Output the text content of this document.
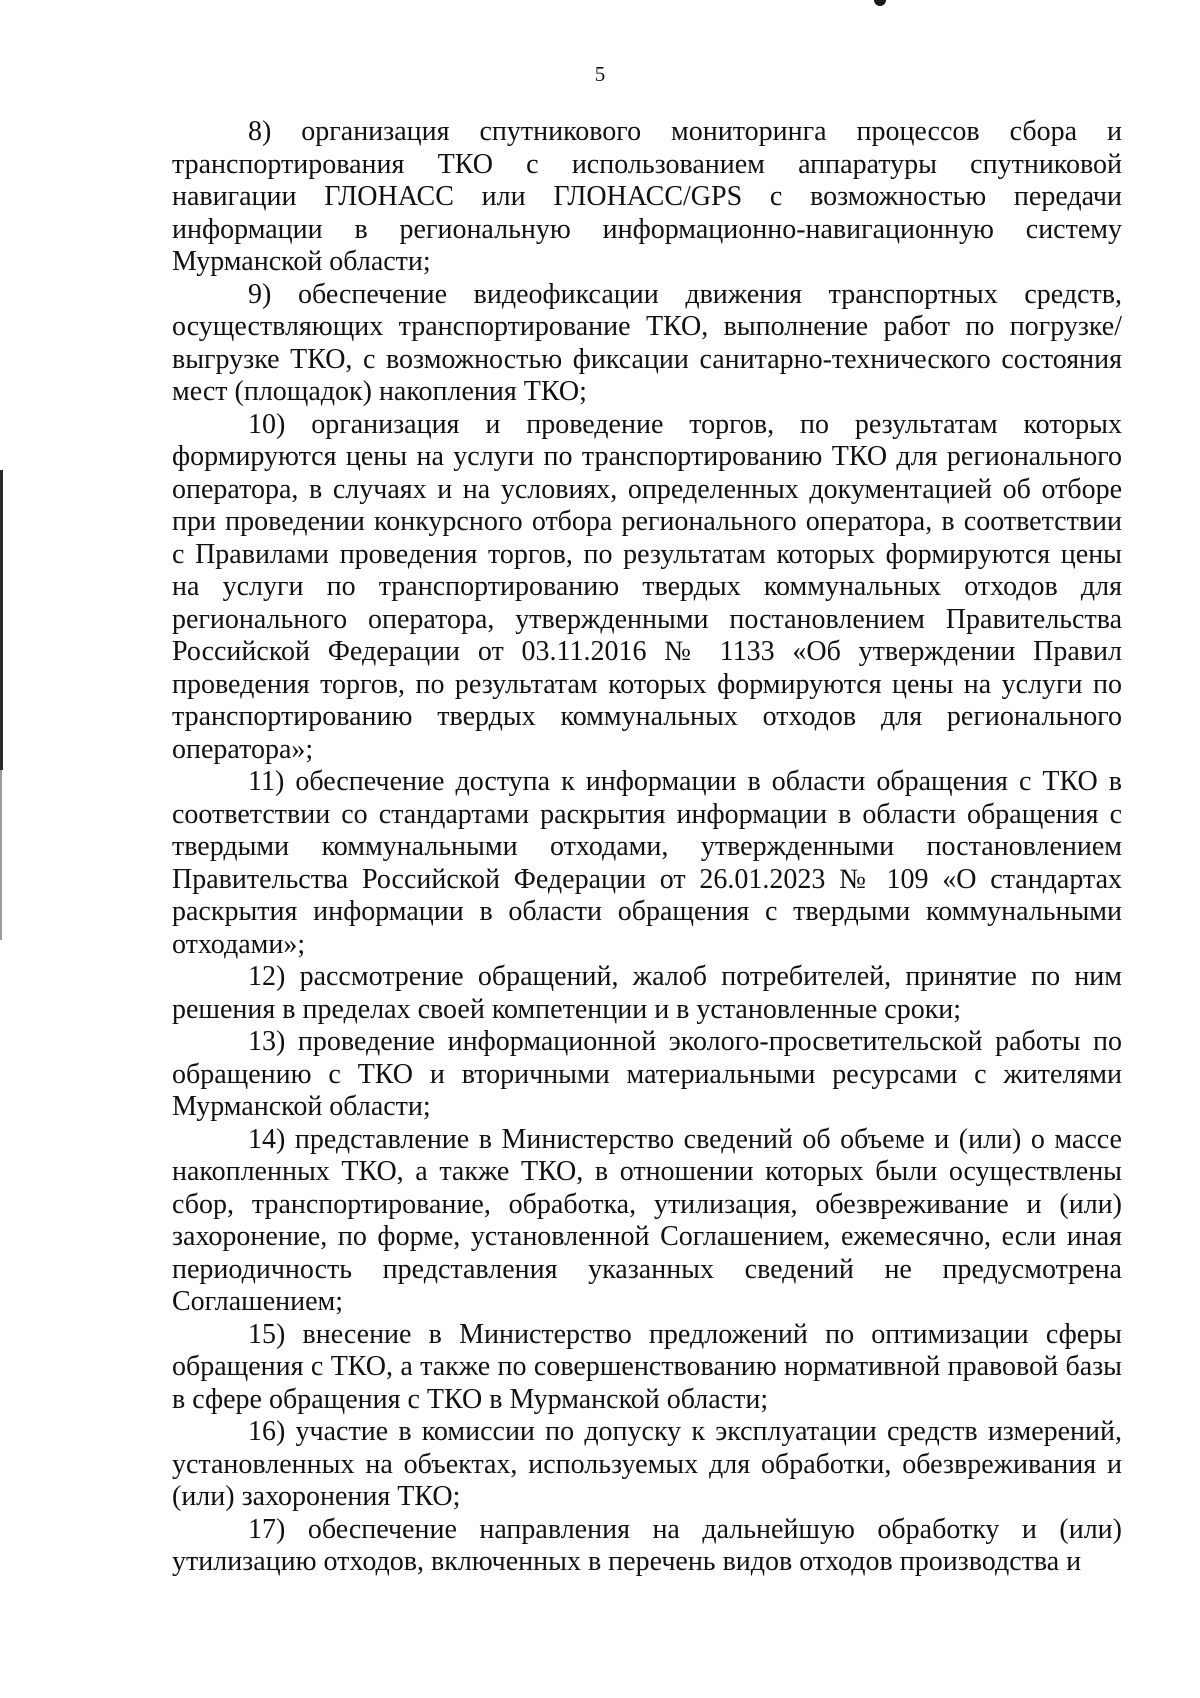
5

8) организация спутникового мониторинга процессов сбора и транспортирования ТКО с использованием аппаратуры спутниковой навигации ГЛОНАСС или ГЛОНАСС/GPS с возможностью передачи информации в региональную информационно-навигационную систему Мурманской области;

9) обеспечение видеофиксации движения транспортных средств, осуществляющих транспортирование ТКО, выполнение работ по погрузке/выгрузке ТКО, с возможностью фиксации санитарно-технического состояния мест (площадок) накопления ТКО;

10) организация и проведение торгов, по результатам которых формируются цены на услуги по транспортированию ТКО для регионального оператора, в случаях и на условиях, определенных документацией об отборе при проведении конкурсного отбора регионального оператора, в соответствии с Правилами проведения торгов, по результатам которых формируются цены на услуги по транспортированию твердых коммунальных отходов для регионального оператора, утвержденными постановлением Правительства Российской Федерации от 03.11.2016 № 1133 «Об утверждении Правил проведения торгов, по результатам которых формируются цены на услуги по транспортированию твердых коммунальных отходов для регионального оператора»;

11) обеспечение доступа к информации в области обращения с ТКО в соответствии со стандартами раскрытия информации в области обращения с твердыми коммунальными отходами, утвержденными постановлением Правительства Российской Федерации от 26.01.2023 № 109 «О стандартах раскрытия информации в области обращения с твердыми коммунальными отходами»;

12) рассмотрение обращений, жалоб потребителей, принятие по ним решения в пределах своей компетенции и в установленные сроки;

13) проведение информационной эколого-просветительской работы по обращению с ТКО и вторичными материальными ресурсами с жителями Мурманской области;

14) представление в Министерство сведений об объеме и (или) о массе накопленных ТКО, а также ТКО, в отношении которых были осуществлены сбор, транспортирование, обработка, утилизация, обезвреживание и (или) захоронение, по форме, установленной Соглашением, ежемесячно, если иная периодичность представления указанных сведений не предусмотрена Соглашением;

15) внесение в Министерство предложений по оптимизации сферы обращения с ТКО, а также по совершенствованию нормативной правовой базы в сфере обращения с ТКО в Мурманской области;

16) участие в комиссии по допуску к эксплуатации средств измерений, установленных на объектах, используемых для обработки, обезвреживания и (или) захоронения ТКО;

17) обеспечение направления на дальнейшую обработку и (или) утилизацию отходов, включенных в перечень видов отходов производства и
